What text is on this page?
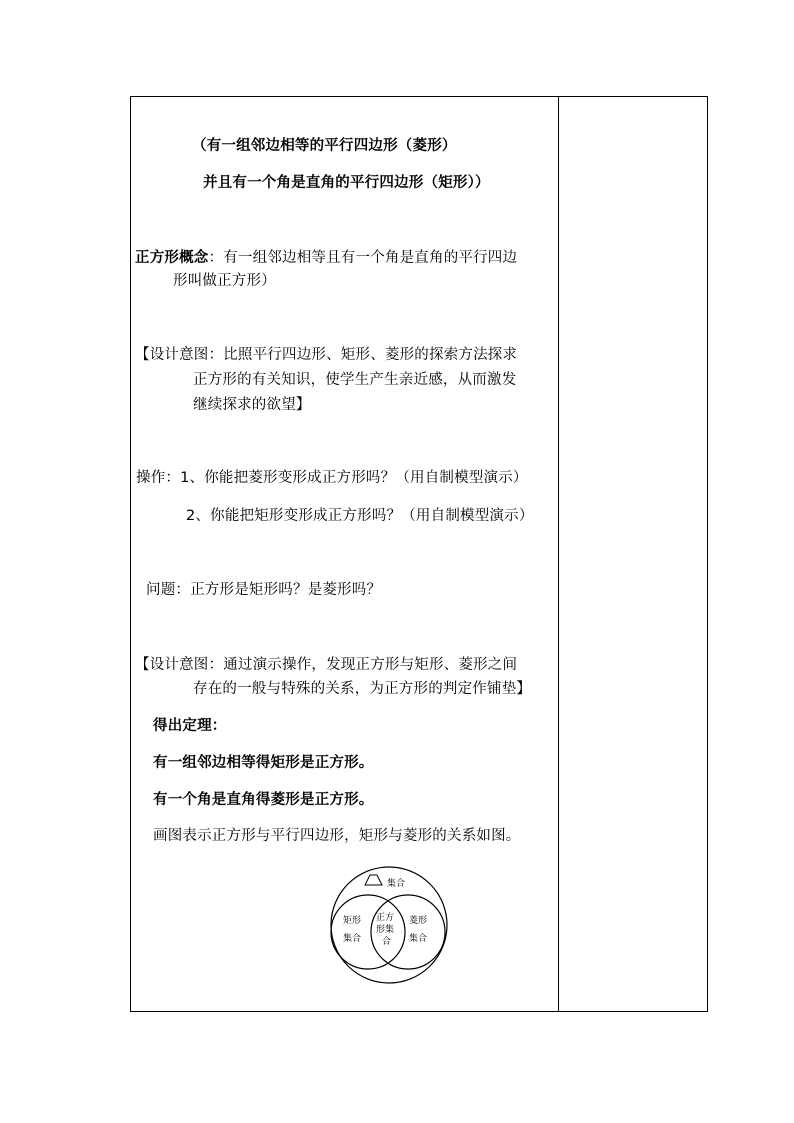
（有一组邻边相等的平行四边形（菱形）
并且有一个角是直角的平行四边形（矩形））
正方形概念：有一组邻边相等且有一个角是直角的平行四边
形叫做正方形）
【设计意图：比照平行四边形、矩形、菱形的探索方法探求
正方形的有关知识，使学生产生亲近感，从而激发
继续探求的欲望】
操作：1、你能把菱形变形成正方形吗？（用自制模型演示）
2、你能把矩形变形成正方形吗？（用自制模型演示）
问题：正方形是矩形吗？是菱形吗？
【设计意图：通过演示操作，发现正方形与矩形、菱形之间
存在的一般与特殊的关系，为正方形的判定作铺垫】
得出定理：
有一组邻边相等得矩形是正方形。
有一个角是直角得菱形是正方形。
画图表示正方形与平行四边形，矩形与菱形的关系如图。
集合
矩形
集合
菱形
集合
正方
形集
合
